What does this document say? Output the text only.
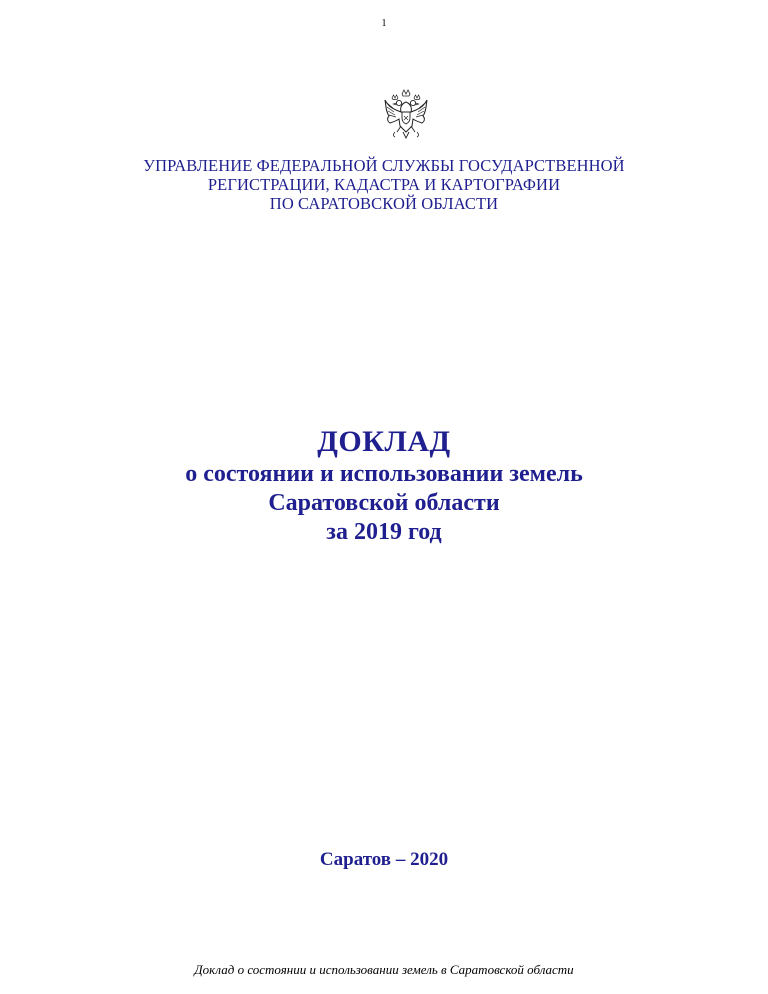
1
УПРАВЛЕНИЕ ФЕДЕРАЛЬНОЙ СЛУЖБЫ ГОСУДАРСТВЕННОЙ
РЕГИСТРАЦИИ, КАДАСТРА И КАРТОГРАФИИ
ПО САРАТОВСКОЙ ОБЛАСТИ
ДОКЛАД
о состоянии и использовании земель
Саратовской области
за 2019 год
Саратов – 2020
Доклад о состоянии и использовании земель в Саратовской области
